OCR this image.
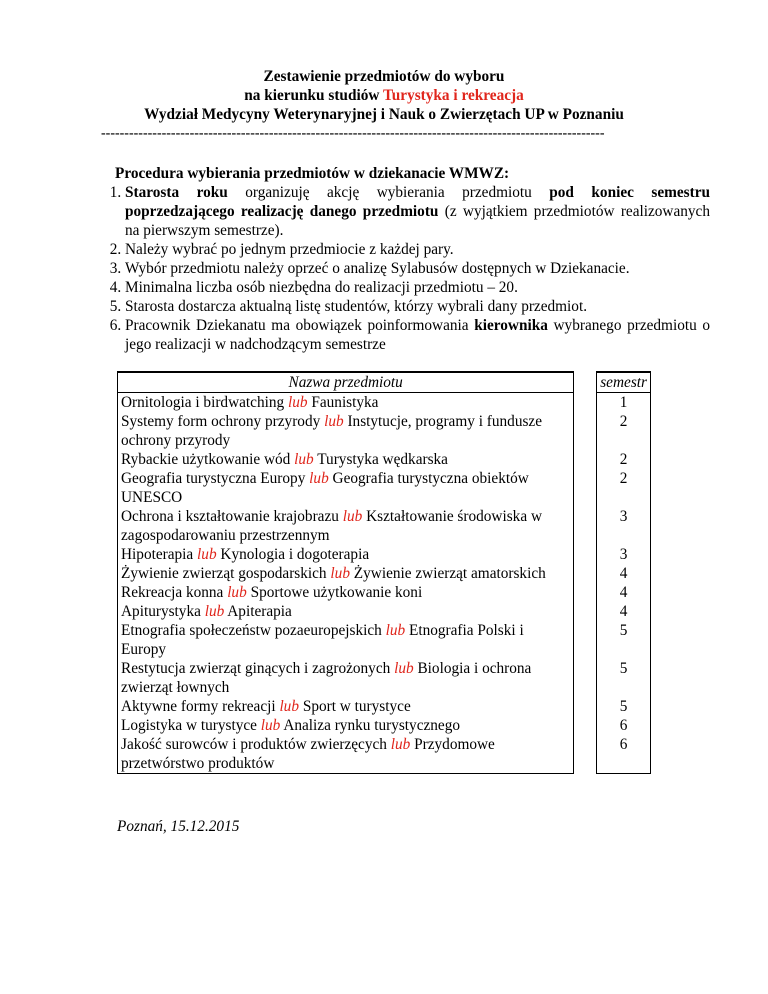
Zestawienie przedmiotów do wyboru
na kierunku studiów Turystyka i rekreacja
Wydział Medycyny Weterynaryjnej i Nauk o Zwierzętach UP w Poznaniu
------------------------------------------------------------------------------------------------------------
Procedura wybierania przedmiotów w dziekanacie WMWZ:
1. Starosta roku organizuję akcję wybierania przedmiotu pod koniec semestru poprzedzającego realizację danego przedmiotu (z wyjątkiem przedmiotów realizowanych na pierwszym semestrze).
2. Należy wybrać po jednym przedmiocie z każdej pary.
3. Wybór przedmiotu należy oprzeć o analizę Sylabusów dostępnych w Dziekanacie.
4. Minimalna liczba osób niezbędna do realizacji przedmiotu – 20.
5. Starosta dostarcza aktualną listę studentów, którzy wybrali dany przedmiot.
6. Pracownik Dziekanatu ma obowiązek poinformowania kierownika wybranego przedmiotu o jego realizacji w nadchodzącym semestrze
Nazwa przedmiotu		semestr
Ornitologia i birdwatching lub Faunistyka		1
Systemy form ochrony przyrody lub Instytucje, programy i fundusze ochrony przyrody		2
Rybackie użytkowanie wód lub Turystyka wędkarska		2
Geografia turystyczna Europy lub Geografia turystyczna obiektów UNESCO		2
Ochrona i kształtowanie krajobrazu lub Kształtowanie środowiska w zagospodarowaniu przestrzennym		3
Hipoterapia lub Kynologia i dogoterapia		3
Żywienie zwierząt gospodarskich lub Żywienie zwierząt amatorskich		4
Rekreacja konna lub Sportowe użytkowanie koni		4
Apiturystyka lub Apiterapia		4
Etnografia społeczeństw pozaeuropejskich lub Etnografia Polski i Europy		5
Restytucja zwierząt ginących i zagrożonych lub Biologia i ochrona zwierząt łownych		5
Aktywne formy rekreacji lub Sport w turystyce		5
Logistyka w turystyce lub Analiza rynku turystycznego		6
Jakość surowców i produktów zwierzęcych lub Przydomowe przetwórstwo produktów		6
Poznań, 15.12.2015
